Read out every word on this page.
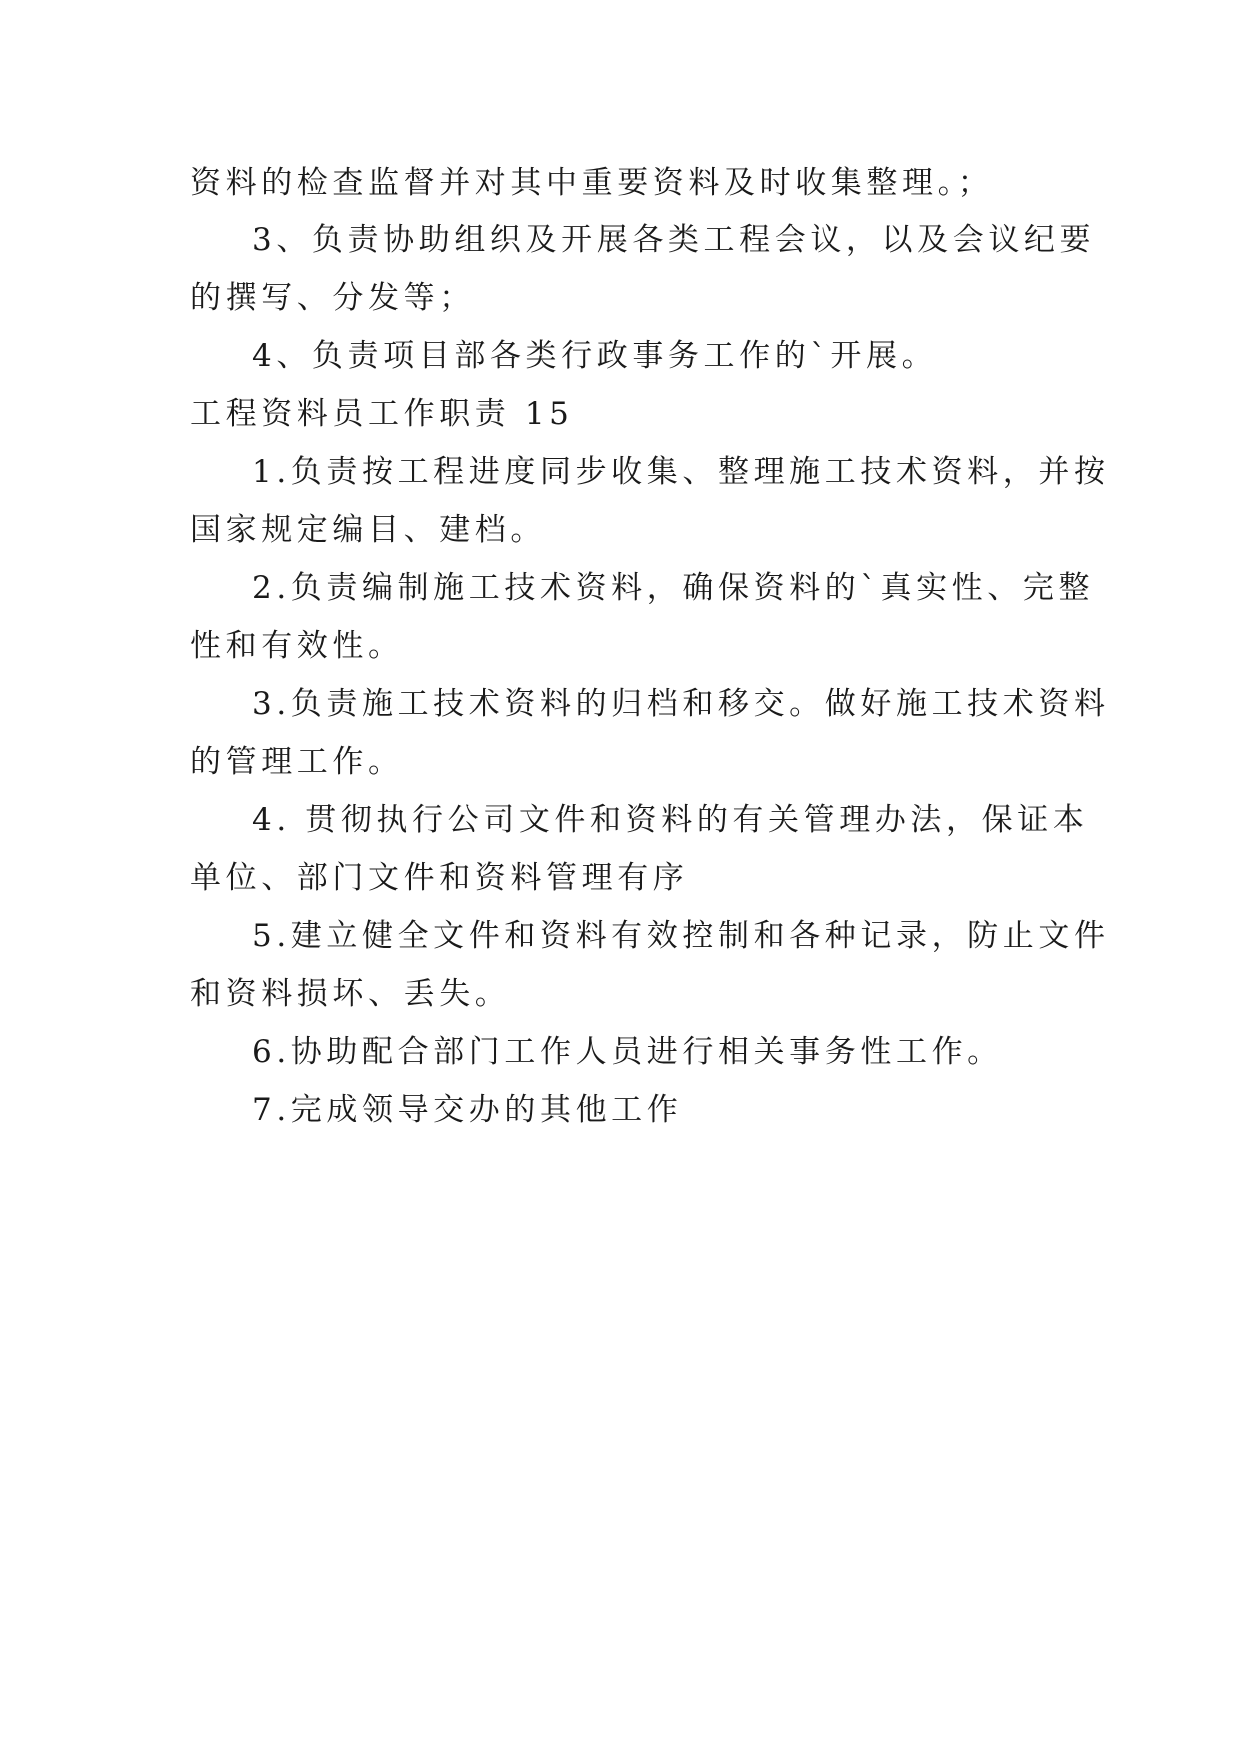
资料的检查监督并对其中重要资料及时收集整理。；
3、负责协助组织及开展各类工程会议，以及会议纪要
的撰写、分发等；
4、负责项目部各类行政事务工作的`开展。
工程资料员工作职责 15
1.负责按工程进度同步收集、整理施工技术资料，并按
国家规定编目、建档。
2.负责编制施工技术资料，确保资料的`真实性、完整
性和有效性。
3.负责施工技术资料的归档和移交。做好施工技术资料
的管理工作。
4. 贯彻执行公司文件和资料的有关管理办法，保证本
单位、部门文件和资料管理有序
5.建立健全文件和资料有效控制和各种记录，防止文件
和资料损坏、丢失。
6.协助配合部门工作人员进行相关事务性工作。
7.完成领导交办的其他工作
